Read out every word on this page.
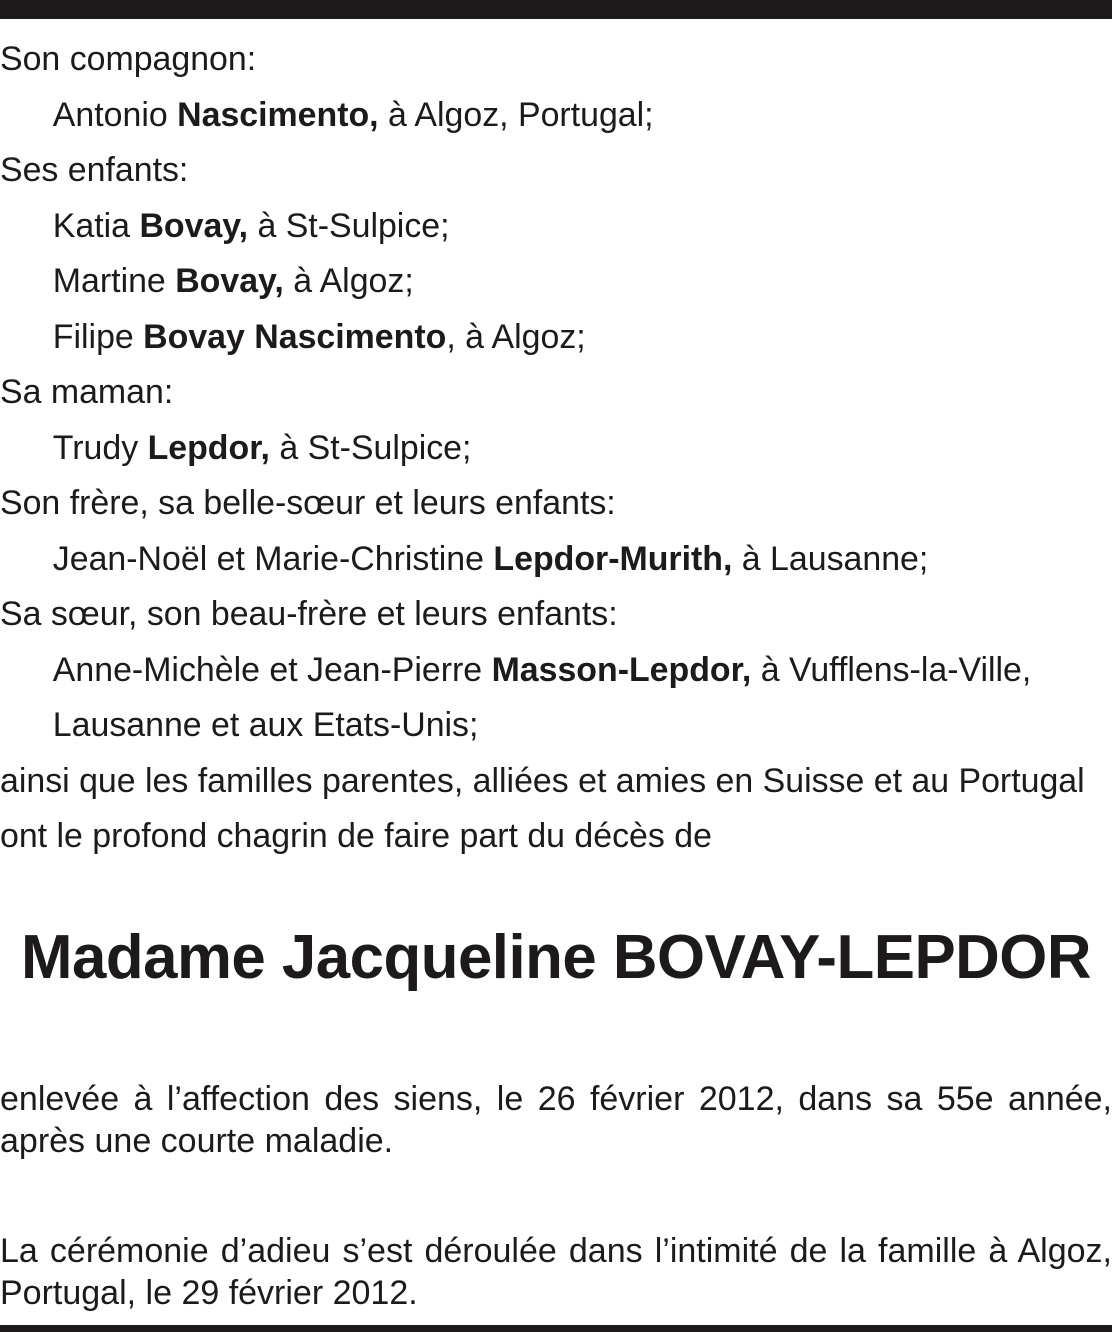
Son compagnon:
Antonio Nascimento, à Algoz, Portugal;
Ses enfants:
Katia Bovay, à St-Sulpice;
Martine Bovay, à Algoz;
Filipe Bovay Nascimento, à Algoz;
Sa maman:
Trudy Lepdor, à St-Sulpice;
Son frère, sa belle-sœur et leurs enfants:
Jean-Noël et Marie-Christine Lepdor-Murith, à Lausanne;
Sa sœur, son beau-frère et leurs enfants:
Anne-Michèle et Jean-Pierre Masson-Lepdor, à Vufflens-la-Ville,
Lausanne et aux Etats-Unis;
ainsi que les familles parentes, alliées et amies en Suisse et au Portugal
ont le profond chagrin de faire part du décès de
Madame Jacqueline BOVAY-LEPDOR
enlevée à l’affection des siens, le 26 février 2012, dans sa 55e année, après une courte maladie.
La cérémonie d’adieu s’est déroulée dans l’intimité de la famille à Algoz, Portugal, le 29 février 2012.
